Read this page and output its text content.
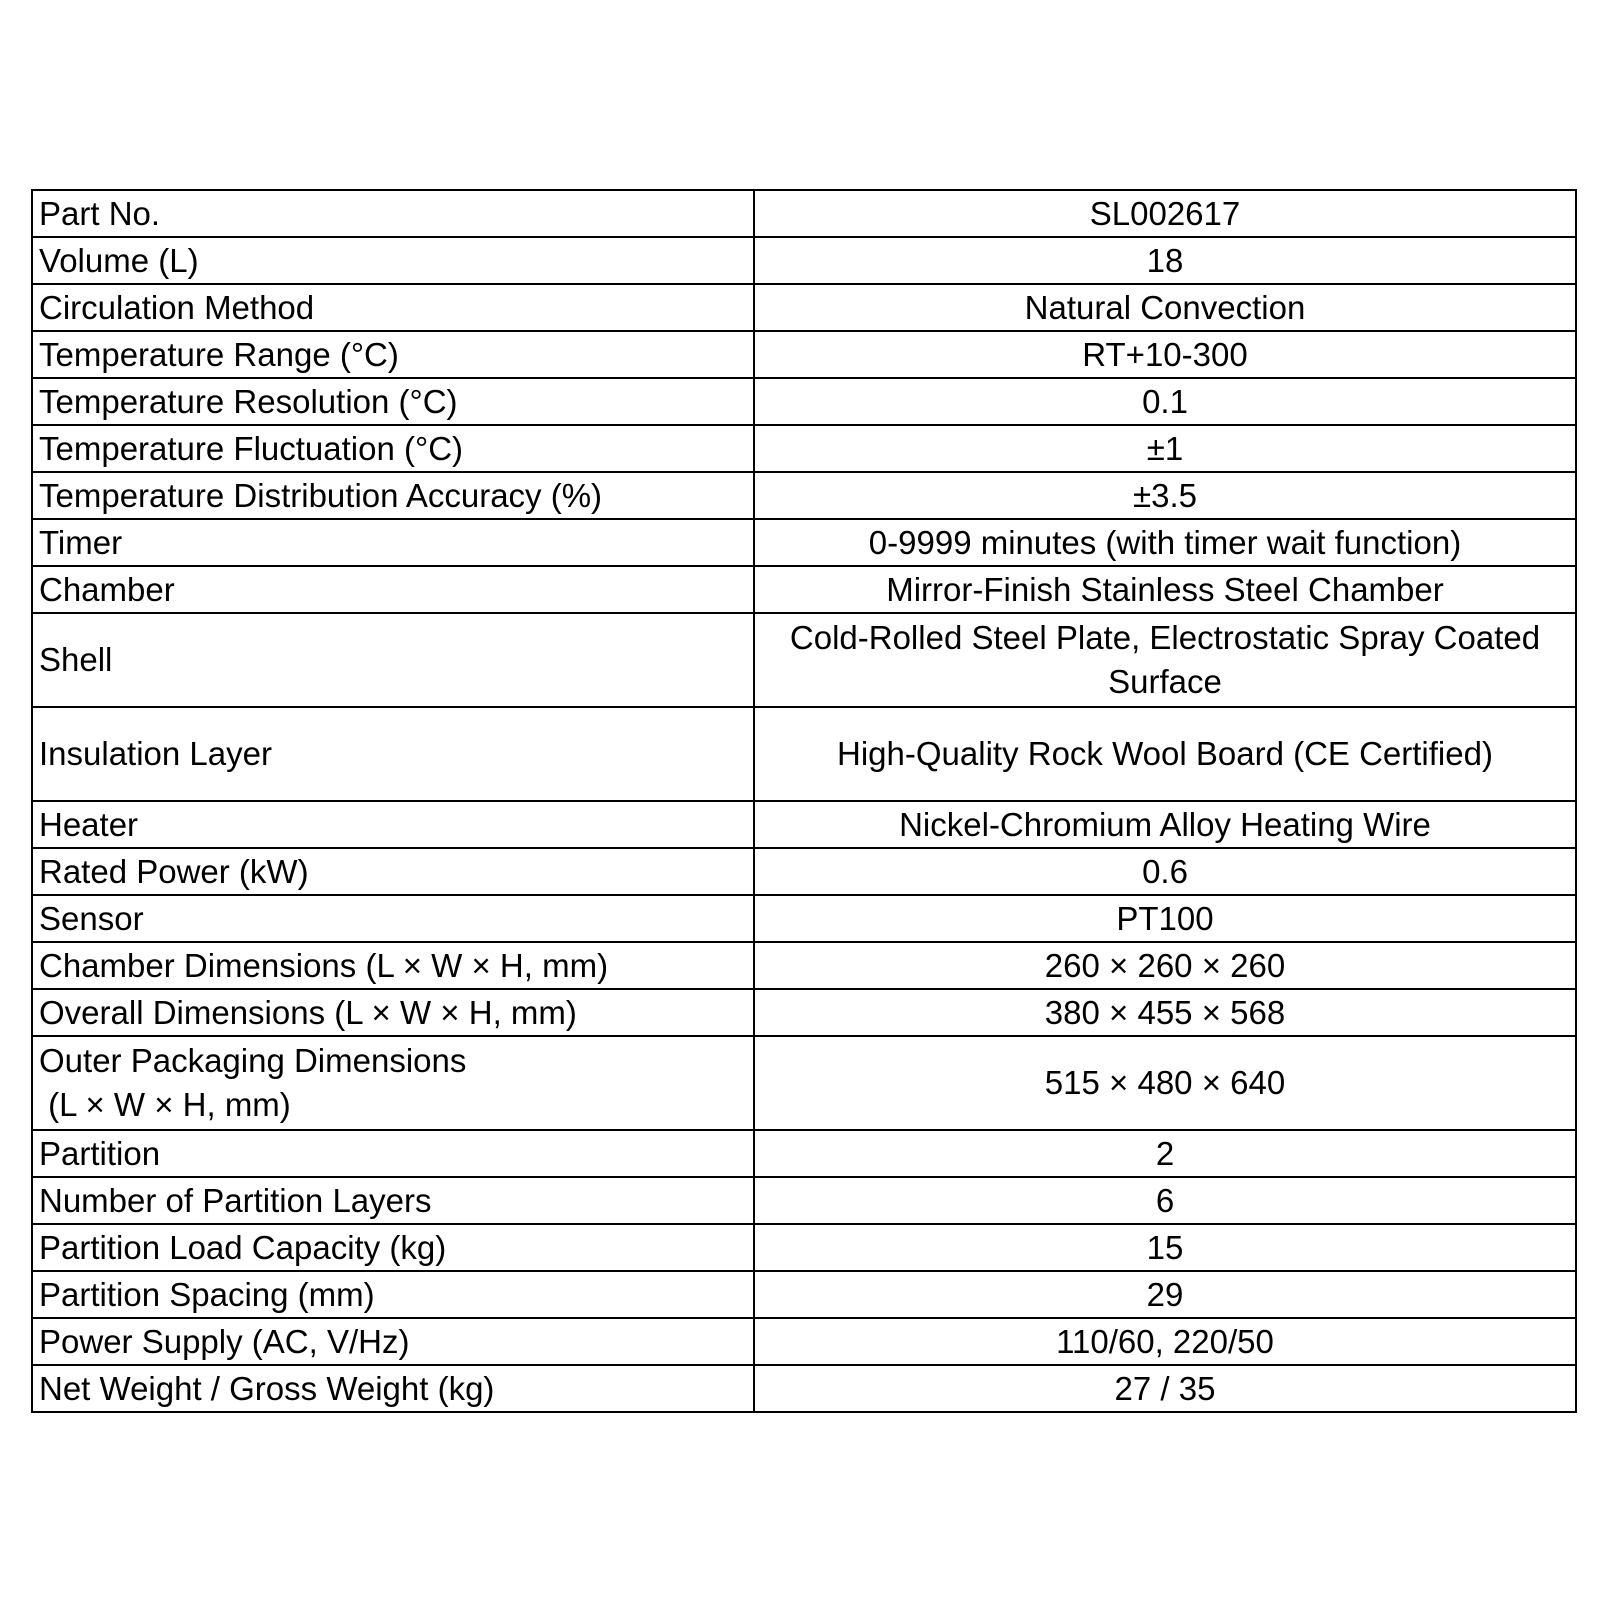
Part No.	SL002617
Volume (L)	18
Circulation Method	Natural Convection
Temperature Range (°C)	RT+10-300
Temperature Resolution (°C)	0.1
Temperature Fluctuation (°C)	±1
Temperature Distribution Accuracy (%)	±3.5
Timer	0-9999 minutes (with timer wait function)
Chamber	Mirror-Finish Stainless Steel Chamber
Shell	Cold-Rolled Steel Plate, Electrostatic Spray Coated Surface
Insulation Layer	High-Quality Rock Wool Board (CE Certified)
Heater	Nickel-Chromium Alloy Heating Wire
Rated Power (kW)	0.6
Sensor	PT100
Chamber Dimensions (L × W × H, mm)	260 × 260 × 260
Overall Dimensions (L × W × H, mm)	380 × 455 × 568

Outer Packaging Dimensions
(L × W × H, mm)	515 × 480 × 640
Partition	2
Number of Partition Layers	6
Partition Load Capacity (kg)	15
Partition Spacing (mm)	29
Power Supply (AC, V/Hz)	110/60, 220/50
Net Weight / Gross Weight (kg)	27 / 35
